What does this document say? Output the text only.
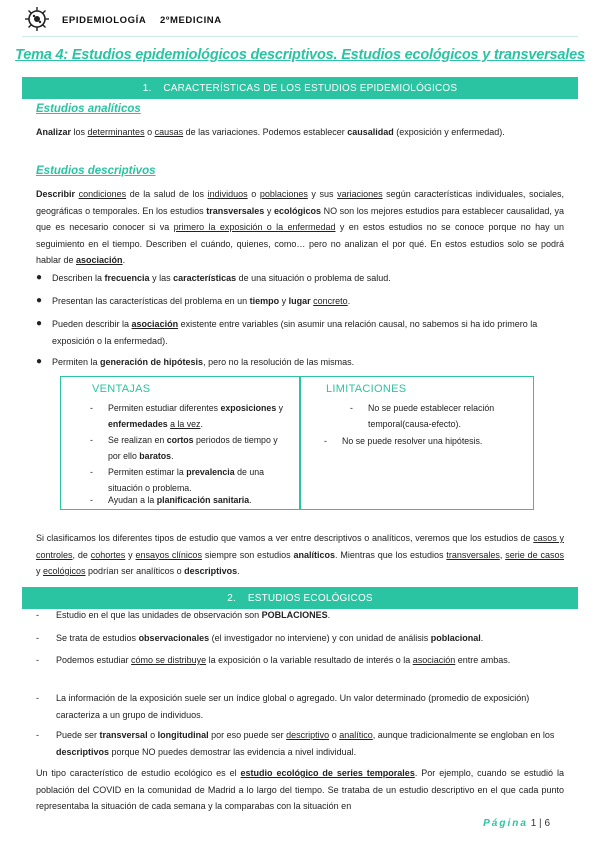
EPIDEMIOLOGÍA 2ºMEDICINA
Tema 4: Estudios epidemiológicos descriptivos. Estudios ecológicos y transversales
1.    CARACTERÍSTICAS DE LOS ESTUDIOS EPIDEMIOLÓGICOS
Estudios analíticos
Analizar los determinantes o causas de las variaciones. Podemos establecer causalidad (exposición y enfermedad).
Estudios descriptivos
Describir condiciones de la salud de los individuos o poblaciones y sus variaciones según características individuales, sociales, geográficas o temporales. En los estudios transversales y ecológicos NO son los mejores estudios para establecer causalidad, ya que es necesario conocer si va primero la exposición o la enfermedad y en estos estudios no se conoce porque no hay un seguimiento en el tiempo. Describen el cuándo, quienes, como… pero no analizan el por qué. En estos estudios solo se podrá hablar de asociación.
● Describen la frecuencia y las características de una situación o problema de salud.
● Presentan las características del problema en un tiempo y lugar concreto.
● Pueden describir la asociación existente entre variables (sin asumir una relación causal, no sabemos si ha ido primero la exposición o la enfermedad).
● Permiten la generación de hipótesis, pero no la resolución de las mismas.
VENTAJAS	LIMITACIONES
- Permiten estudiar diferentes exposiciones y enfermedades a la vez.
- Se realizan en cortos periodos de tiempo y por ello baratos.
- Permiten estimar la prevalencia de una situación o problema.
- Ayudan a la planificación sanitaria.
- No se puede establecer relación temporal(causa-efecto).
- No se puede resolver una hipótesis.
Si clasificamos los diferentes tipos de estudio que vamos a ver entre descriptivos o analíticos, veremos que los estudios de casos y controles, de cohortes y ensayos clínicos siempre son estudios analíticos. Mientras que los estudios transversales, serie de casos y ecológicos podrían ser analíticos o descriptivos.
2.    ESTUDIOS ECOLÓGICOS
- Estudio en el que las unidades de observación son POBLACIONES.
- Se trata de estudios observacionales (el investigador no interviene) y con unidad de análisis poblacional.
- Podemos estudiar cómo se distribuye la exposición o la variable resultado de interés o la asociación entre ambas.
- La información de la exposición suele ser un índice global o agregado. Un valor determinado (promedio de exposición) caracteriza a un grupo de individuos.
- Puede ser transversal o longitudinal por eso puede ser descriptivo o analítico, aunque tradicionalmente se engloban en los descriptivos porque NO puedes demostrar las evidencia a nivel individual.
Un tipo característico de estudio ecológico es el estudio ecológico de series temporales. Por ejemplo, cuando se estudió la población del COVID en la comunidad de Madrid a lo largo del tiempo. Se trataba de un estudio descriptivo en el que cada punto representaba la situación de cada semana y la comparabas con la situación en
Página 1 | 6
